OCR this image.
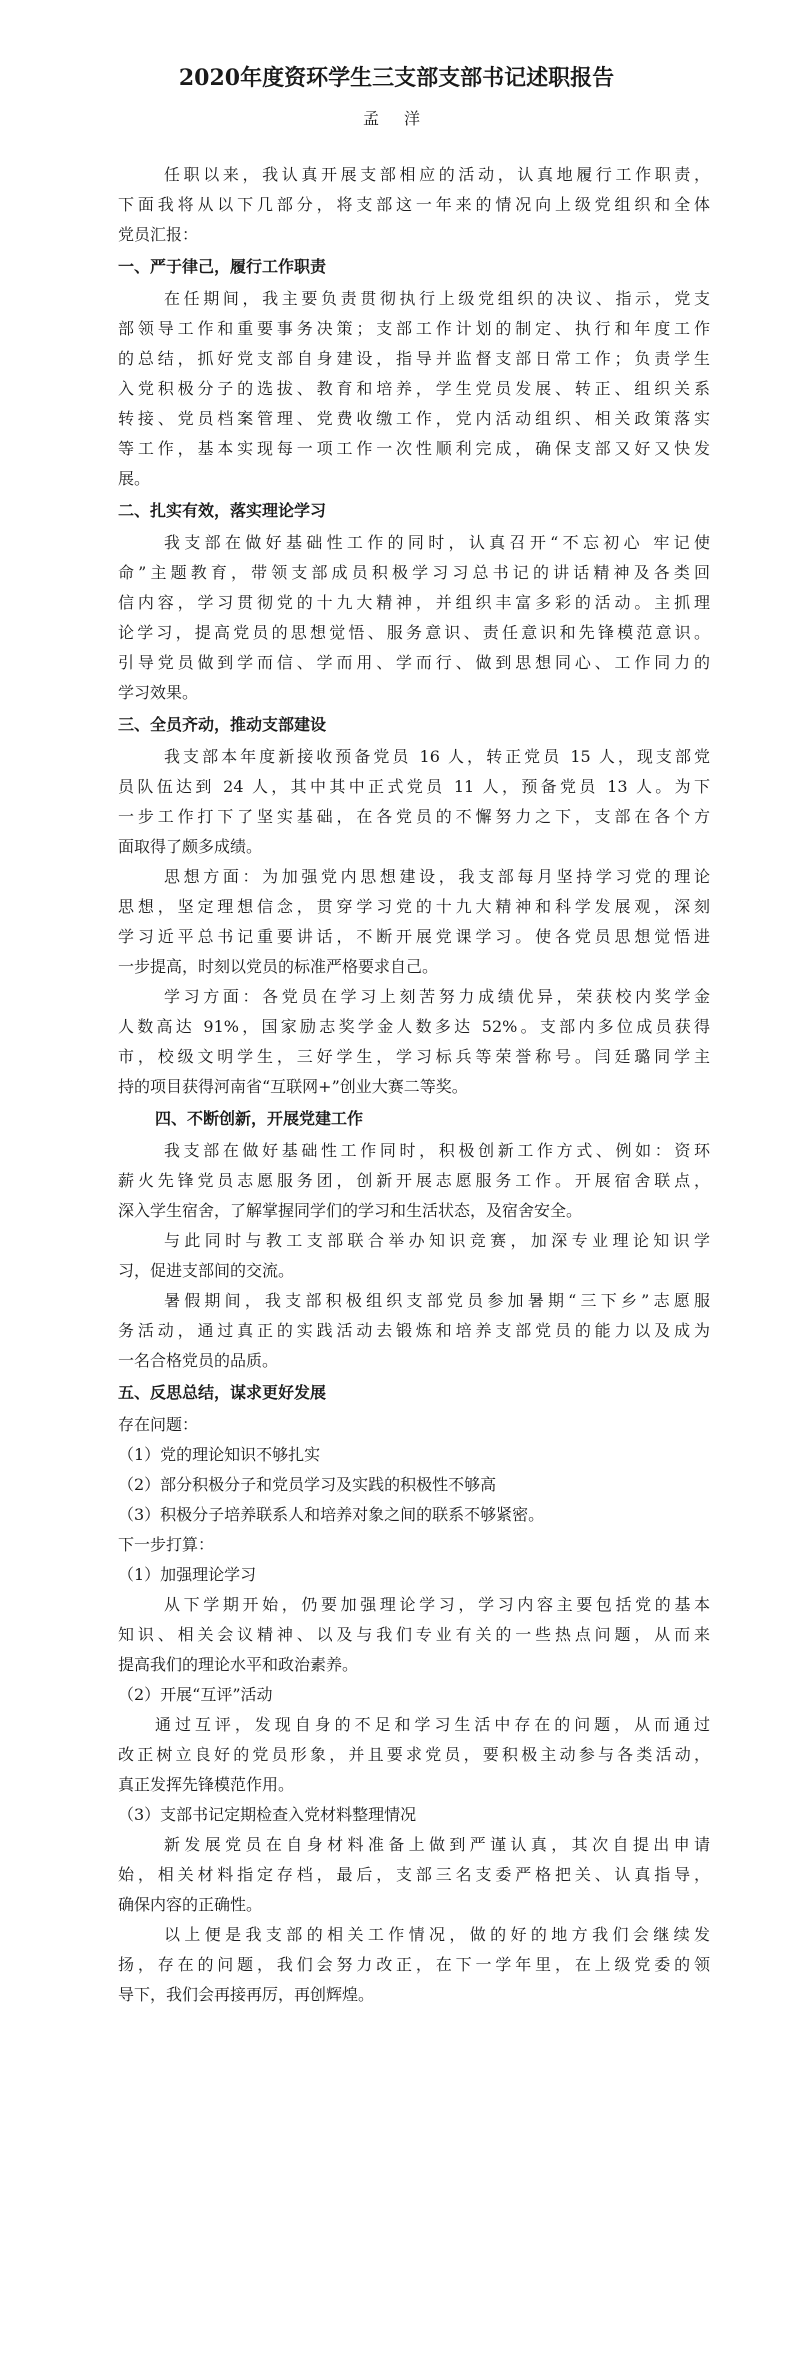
2020年度资环学生三支部支部书记述职报告
孟 洋
任职以来，我认真开展支部相应的活动，认真地履行工作职责，
下面我将从以下几部分，将支部这一年来的情况向上级党组织和全体
党员汇报：
一、严于律己，履行工作职责
在任期间，我主要负责贯彻执行上级党组织的决议、指示，党支
部领导工作和重要事务决策；支部工作计划的制定、执行和年度工作
的总结，抓好党支部自身建设，指导并监督支部日常工作；负责学生
入党积极分子的选拔、教育和培养，学生党员发展、转正、组织关系
转接、党员档案管理、党费收缴工作，党内活动组织、相关政策落实
等工作，基本实现每一项工作一次性顺利完成，确保支部又好又快发
展。
二、扎实有效，落实理论学习
我支部在做好基础性工作的同时，认真召开“不忘初心 牢记使
命”主题教育，带领支部成员积极学习习总书记的讲话精神及各类回
信内容，学习贯彻党的十九大精神，并组织丰富多彩的活动。主抓理
论学习，提高党员的思想觉悟、服务意识、责任意识和先锋模范意识。
引导党员做到学而信、学而用、学而行、做到思想同心、工作同力的
学习效果。
三、全员齐动，推动支部建设
我支部本年度新接收预备党员 16 人，转正党员 15 人，现支部党
员队伍达到 24 人，其中其中正式党员 11 人，预备党员 13 人。为下
一步工作打下了坚实基础，在各党员的不懈努力之下，支部在各个方
面取得了颇多成绩。
思想方面：为加强党内思想建设，我支部每月坚持学习党的理论
思想，坚定理想信念，贯穿学习党的十九大精神和科学发展观，深刻
学习近平总书记重要讲话，不断开展党课学习。使各党员思想觉悟进
一步提高，时刻以党员的标准严格要求自己。
学习方面：各党员在学习上刻苦努力成绩优异，荣获校内奖学金
人数高达 91%，国家励志奖学金人数多达 52%。支部内多位成员获得
市，校级文明学生，三好学生，学习标兵等荣誉称号。闫廷璐同学主
持的项目获得河南省“互联网+”创业大赛二等奖。
四、不断创新，开展党建工作
我支部在做好基础性工作同时，积极创新工作方式、例如：资环
薪火先锋党员志愿服务团，创新开展志愿服务工作。开展宿舍联点，
深入学生宿舍，了解掌握同学们的学习和生活状态，及宿舍安全。
与此同时与教工支部联合举办知识竞赛，加深专业理论知识学
习，促进支部间的交流。
暑假期间，我支部积极组织支部党员参加暑期“三下乡”志愿服
务活动，通过真正的实践活动去锻炼和培养支部党员的能力以及成为
一名合格党员的品质。
五、反思总结，谋求更好发展
存在问题：
（1）党的理论知识不够扎实
（2）部分积极分子和党员学习及实践的积极性不够高
（3）积极分子培养联系人和培养对象之间的联系不够紧密。
下一步打算：
（1）加强理论学习
从下学期开始，仍要加强理论学习，学习内容主要包括党的基本
知识、相关会议精神、以及与我们专业有关的一些热点问题，从而来
提高我们的理论水平和政治素养。
（2）开展“互评”活动
通过互评，发现自身的不足和学习生活中存在的问题，从而通过
改正树立良好的党员形象，并且要求党员，要积极主动参与各类活动，
真正发挥先锋模范作用。
（3）支部书记定期检查入党材料整理情况
新发展党员在自身材料准备上做到严谨认真，其次自提出申请
始，相关材料指定存档，最后，支部三名支委严格把关、认真指导，
确保内容的正确性。
以上便是我支部的相关工作情况，做的好的地方我们会继续发
扬，存在的问题，我们会努力改正，在下一学年里，在上级党委的领
导下，我们会再接再厉，再创辉煌。
